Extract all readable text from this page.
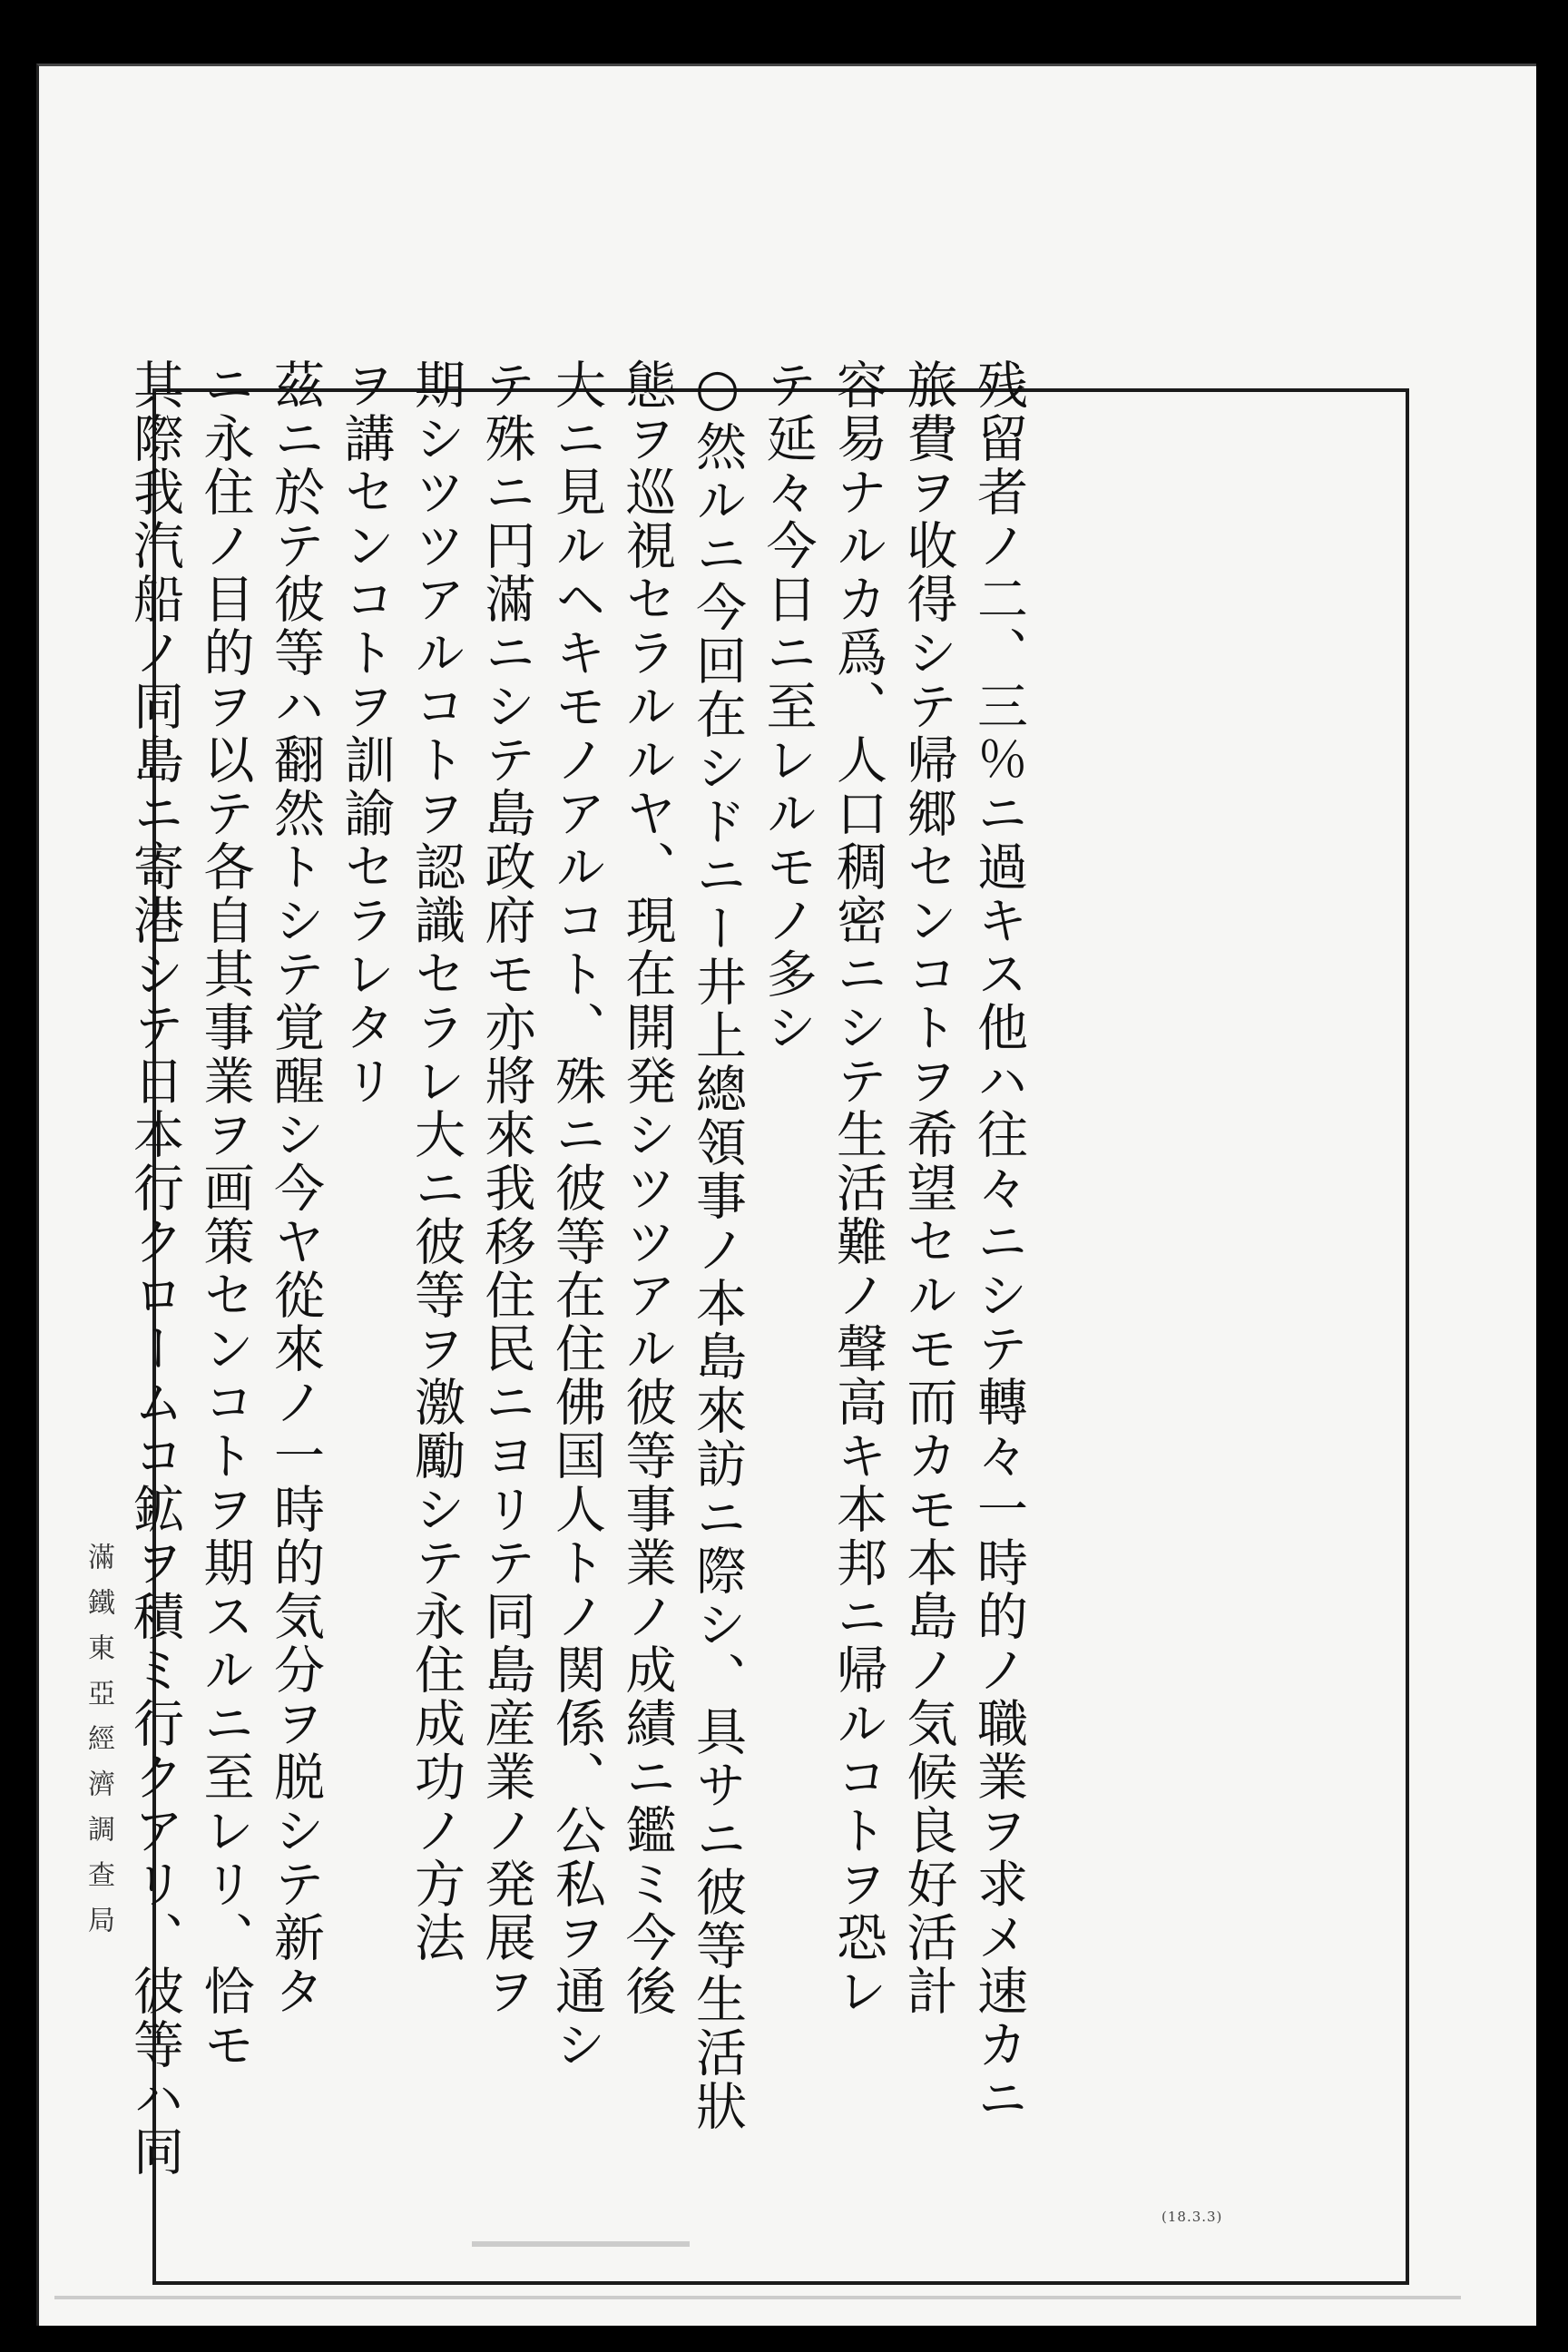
残留者ノ二、三％ニ過キス他ハ往々ニシテ轉々一時的ノ職業ヲ求メ速カニ
旅費ヲ收得シテ帰郷センコトヲ希望セルモ而カモ本島ノ気候良好活計
容易ナルカ爲、人口稠密ニシテ生活難ノ聲高キ本邦ニ帰ルコトヲ恐レ
テ延々今日ニ至レルモノ多シ
○然ルニ今回在シドニー井上總領事ノ本島來訪ニ際シ、具サニ彼等生活狀
態ヲ巡視セラルルヤ、現在開発シツツアル彼等事業ノ成績ニ鑑ミ今後
大ニ見ルヘキモノアルコト、殊ニ彼等在住佛国人トノ関係、公私ヲ通シ
テ殊ニ円滿ニシテ島政府モ亦將來我移住民ニヨリテ同島産業ノ発展ヲ
期シツツアルコトヲ認識セラレ大ニ彼等ヲ激勵シテ永住成功ノ方法
ヲ講センコトヲ訓諭セラレタリ
茲ニ於テ彼等ハ翻然トシテ覚醒シ今ヤ從來ノ一時的気分ヲ脱シテ新タ
ニ永住ノ目的ヲ以テ各自其事業ヲ画策センコトヲ期スルニ至レリ、恰モ
其際我汽船ノ同島ニ寄港シテ日本行クロームコ鉱ヲ積ミ行クアリ、彼等ハ同
滿鐵東亞經濟調查局
(18.3.3)
